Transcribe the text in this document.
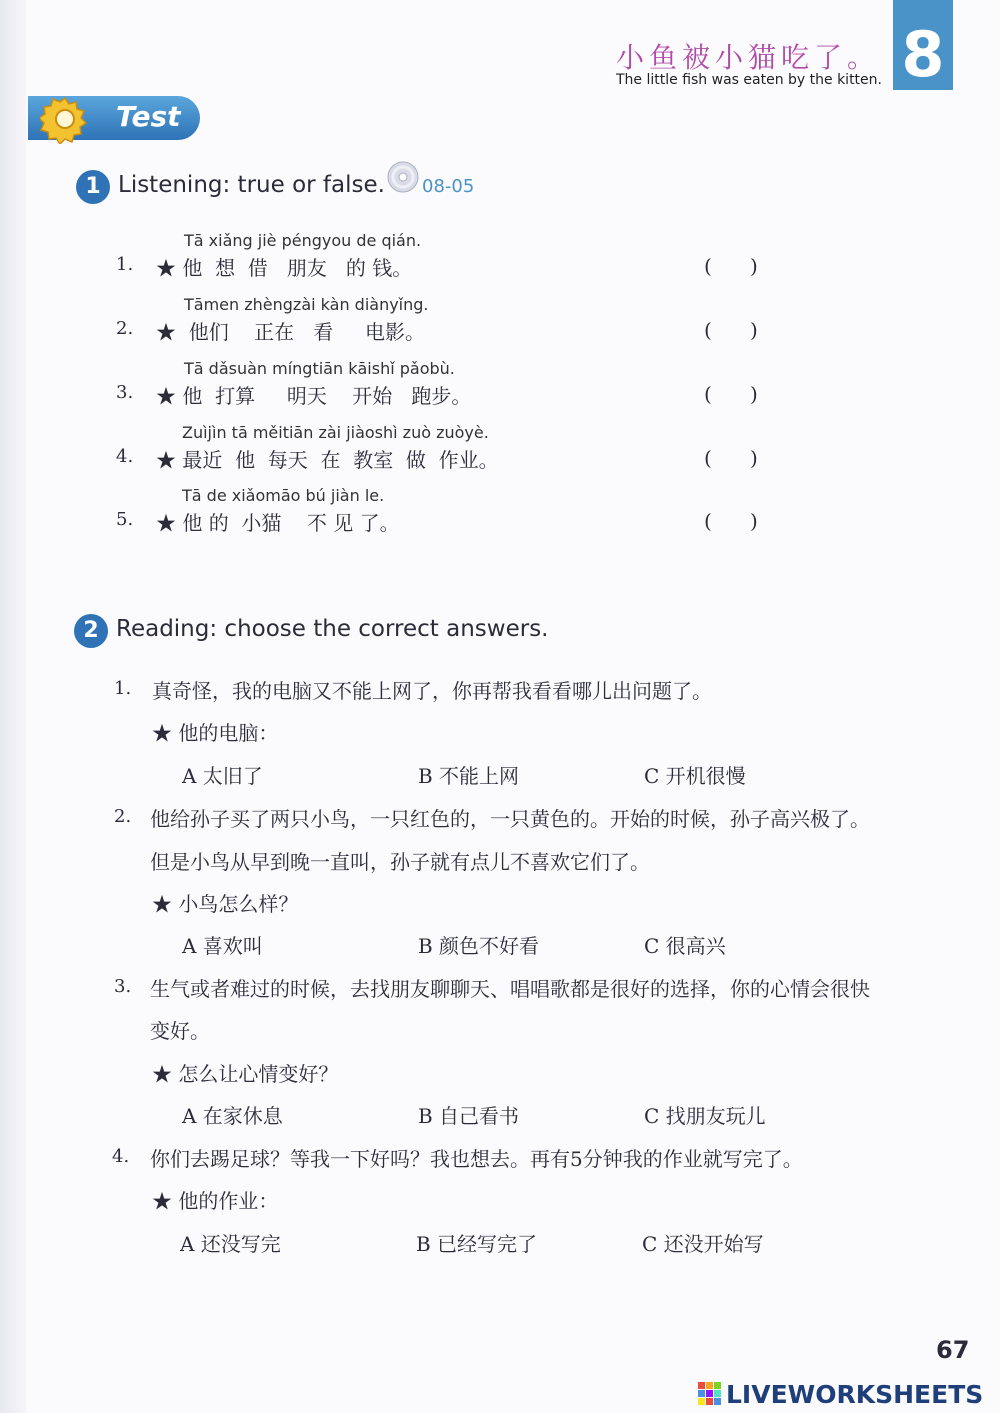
小鱼被小猫吃了。
The little fish was eaten by the kitten. 8
Test
1 Listening: true or false. 08-05
Tā xiǎng jiè péngyou de qián.
1. ★ 他  想  借   朋友   的 钱。	(      )
Tāmen zhèngzài kàn diànyǐng.
2. ★  他们    正在   看     电影。	(      )
Tā dǎsuàn míngtiān kāishǐ pǎobù.
3. ★ 他  打算     明天    开始   跑步。	(      )
Zuìjìn tā měitiān zài jiàoshì zuò zuòyè.
4. ★ 最近  他  每天  在  教室  做  作业。	(      )
Tā de xiǎomāo bú jiàn le.
5. ★ 他 的  小猫    不 见 了。	(      )
2 Reading: choose the correct answers.
1. 真奇怪，我的电脑又不能上网了，你再帮我看看哪儿出问题了。
★ 他的电脑：
A 太旧了	B 不能上网	C 开机很慢
2. 他给孙子买了两只小鸟，一只红色的，一只黄色的。开始的时候，孙子高兴极了。
但是小鸟从早到晚一直叫，孙子就有点儿不喜欢它们了。
★ 小鸟怎么样？
A 喜欢叫	B 颜色不好看	C 很高兴
3. 生气或者难过的时候，去找朋友聊聊天、唱唱歌都是很好的选择，你的心情会很快
变好。
★ 怎么让心情变好？
A 在家休息	B 自己看书	C 找朋友玩儿
4. 你们去踢足球？等我一下好吗？我也想去。再有5分钟我的作业就写完了。
★ 他的作业：
A 还没写完	B 已经写完了	C 还没开始写
67
LIVEWORKSHEETS
